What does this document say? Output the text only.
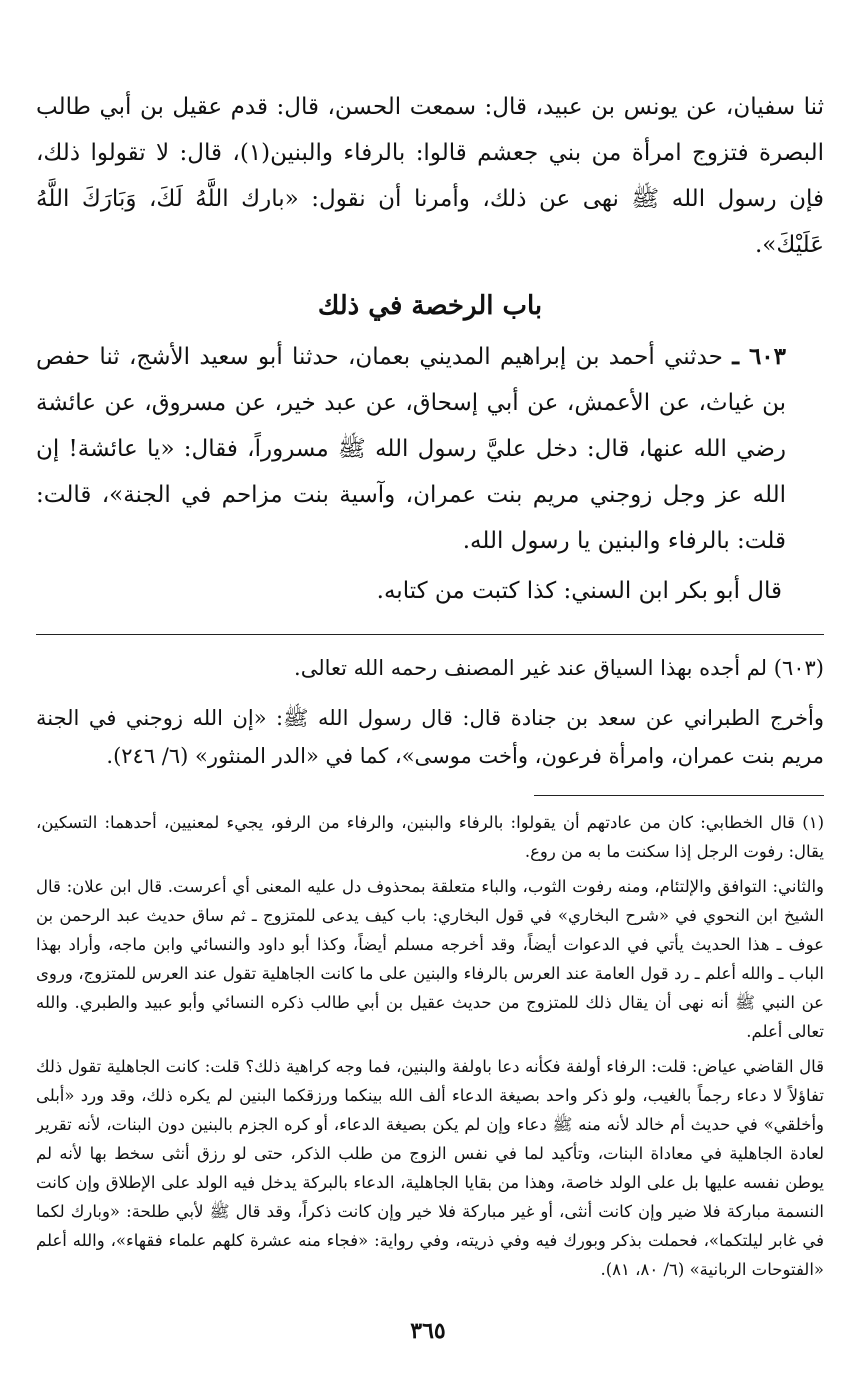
ثنا سفيان، عن يونس بن عبيد، قال: سمعت الحسن، قال: قدم عقيل بن أبي طالب البصرة فتزوج امرأة من بني جعشم قالوا: بالرفاء والبنين(١)، قال: لا تقولوا ذلك، فإن رسول الله ﷺ نهى عن ذلك، وأمرنا أن نقول: «بارك اللَّهُ لَكَ، وَبَارَكَ اللَّهُ عَلَيْكَ».

باب الرخصة في ذلك

٦٠٣ ـ حدثني أحمد بن إبراهيم المديني بعمان، حدثنا أبو سعيد الأشج، ثنا حفص بن غياث، عن الأعمش، عن أبي إسحاق، عن عبد خير، عن مسروق، عن عائشة رضي الله عنها، قال: دخل عليَّ رسول الله ﷺ مسروراً، فقال: «يا عائشة! إن الله عز وجل زوجني مريم بنت عمران، وآسية بنت مزاحم في الجنة»، قالت: قلت: بالرفاء والبنين يا رسول الله.

قال أبو بكر ابن السني: كذا كتبت من كتابه.

(٦٠٣) لم أجده بهذا السياق عند غير المصنف رحمه الله تعالى.

وأخرج الطبراني عن سعد بن جنادة قال: قال رسول الله ﷺ: «إن الله زوجني في الجنة مريم بنت عمران، وامرأة فرعون، وأخت موسى»، كما في «الدر المنثور» (٦/ ٢٤٦).

(١) قال الخطابي: كان من عادتهم أن يقولوا: بالرفاء والبنين، والرفاء من الرفو، يجيء لمعنيين، أحدهما: التسكين، يقال: رفوت الرجل إذا سكنت ما به من روع.

والثاني: التوافق والإلتئام، ومنه رفوت الثوب، والباء متعلقة بمحذوف دل عليه المعنى أي أعرست. قال ابن علان: قال الشيخ ابن النحوي في «شرح البخاري» في قول البخاري: باب كيف يدعى للمتزوج ـ ثم ساق حديث عبد الرحمن بن عوف ـ هذا الحديث يأتي في الدعوات أيضاً، وقد أخرجه مسلم أيضاً، وكذا أبو داود والنسائي وابن ماجه، وأراد بهذا الباب ـ والله أعلم ـ رد قول العامة عند العرس بالرفاء والبنين على ما كانت الجاهلية تقول عند العرس للمتزوج، وروى عن النبي ﷺ أنه نهى أن يقال ذلك للمتزوج من حديث عقيل بن أبي طالب ذكره النسائي وأبو عبيد والطبري. والله تعالى أعلم.

قال القاضي عياض: قلت: الرفاء أولفة فكأنه دعا باولفة والبنين، فما وجه كراهية ذلك؟ قلت: كانت الجاهلية تقول ذلك تفاؤلاً لا دعاء رجماً بالغيب، ولو ذكر واحد بصيغة الدعاء ألف الله بينكما ورزقكما البنين لم يكره ذلك، وقد ورد «أبلى وأخلقي» في حديث أم خالد لأنه منه ﷺ دعاء وإن لم يكن بصيغة الدعاء، أو كره الجزم بالبنين دون البنات، لأنه تقرير لعادة الجاهلية في معاداة البنات، وتأكيد لما في نفس الزوج من طلب الذكر، حتى لو رزق أنثى سخط بها لأنه لم يوطن نفسه عليها بل على الولد خاصة، وهذا من بقايا الجاهلية، الدعاء بالبركة يدخل فيه الولد على الإطلاق وإن كانت النسمة مباركة فلا ضير وإن كانت أنثى، أو غير مباركة فلا خير وإن كانت ذكراً، وقد قال ﷺ لأبي طلحة: «وبارك لكما في غابر ليلتكما»، فحملت بذكر وبورك فيه وفي ذريته، وفي رواية: «فجاء منه عشرة كلهم علماء فقهاء»، والله أعلم «الفتوحات الربانية» (٦/ ٨٠، ٨١).

٣٦٥
